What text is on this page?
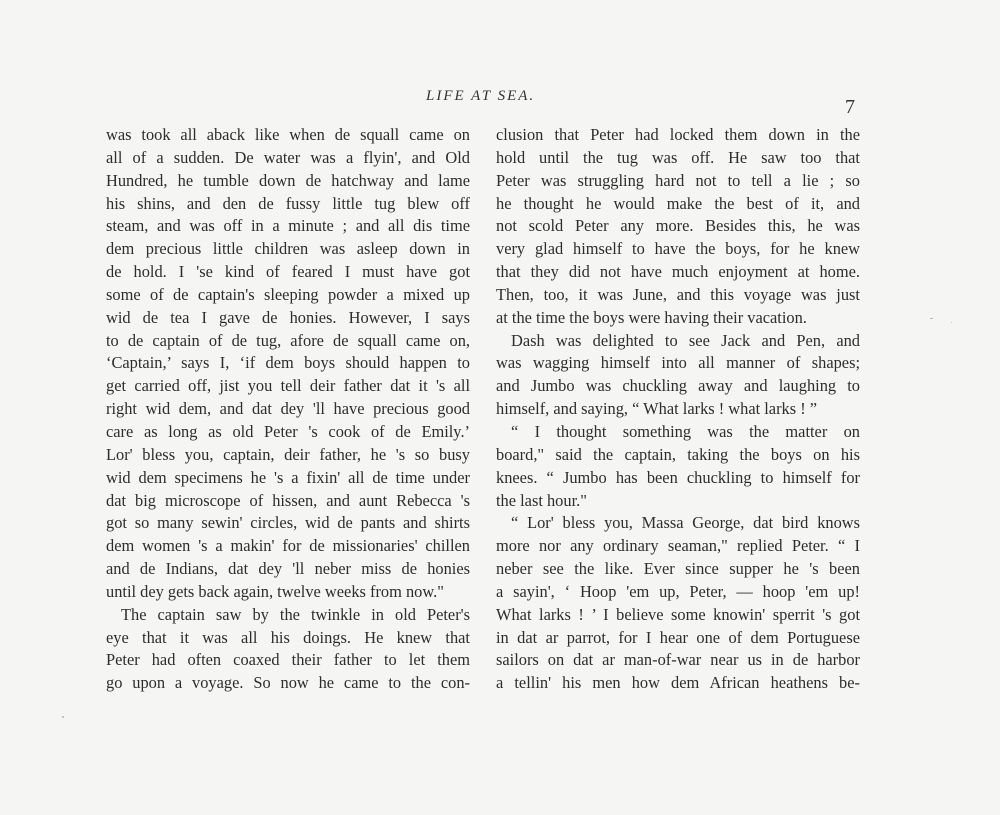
LIFE AT SEA.	7
was took all aback like when de squall came on
all of a sudden. De water was a flyin', and Old
Hundred, he tumble down de hatchway and lame
his shins, and den de fussy little tug blew off
steam, and was off in a minute ; and all dis time
dem precious little children was asleep down in
de hold. I 'se kind of feared I must have got
some of de captain's sleeping powder a mixed up
wid de tea I gave de honies. However, I says
to de captain of de tug, afore de squall came on,
‘Captain,’ says I, ‘if dem boys should happen to
get carried off, jist you tell deir father dat it 's all
right wid dem, and dat dey 'll have precious good
care as long as old Peter 's cook of de Emily.’
Lor' bless you, captain, deir father, he 's so busy
wid dem specimens he 's a fixin' all de time under
dat big microscope of hissen, and aunt Rebecca 's
got so many sewin' circles, wid de pants and shirts
dem women 's a makin' for de missionaries' chillen
and de Indians, dat dey 'll neber miss de honies
until dey gets back again, twelve weeks from now."
The captain saw by the twinkle in old Peter's
eye that it was all his doings. He knew that
Peter had often coaxed their father to let them
go upon a voyage. So now he came to the con-
clusion that Peter had locked them down in the
hold until the tug was off. He saw too that
Peter was struggling hard not to tell a lie ; so
he thought he would make the best of it, and
not scold Peter any more. Besides this, he was
very glad himself to have the boys, for he knew
that they did not have much enjoyment at home.
Then, too, it was June, and this voyage was just
at the time the boys were having their vacation.
Dash was delighted to see Jack and Pen, and
was wagging himself into all manner of shapes;
and Jumbo was chuckling away and laughing to
himself, and saying, “ What larks ! what larks ! ”
“ I thought something was the matter on
board," said the captain, taking the boys on his
knees. “ Jumbo has been chuckling to himself for
the last hour."
“ Lor' bless you, Massa George, dat bird knows
more nor any ordinary seaman," replied Peter. “ I
neber see the like. Ever since supper he 's been
a sayin', ‘ Hoop 'em up, Peter, — hoop 'em up!
What larks ! ’ I believe some knowin' sperrit 's got
in dat ar parrot, for I hear one of dem Portuguese
sailors on dat ar man-of-war near us in de harbor
a tellin' his men how dem African heathens be-
